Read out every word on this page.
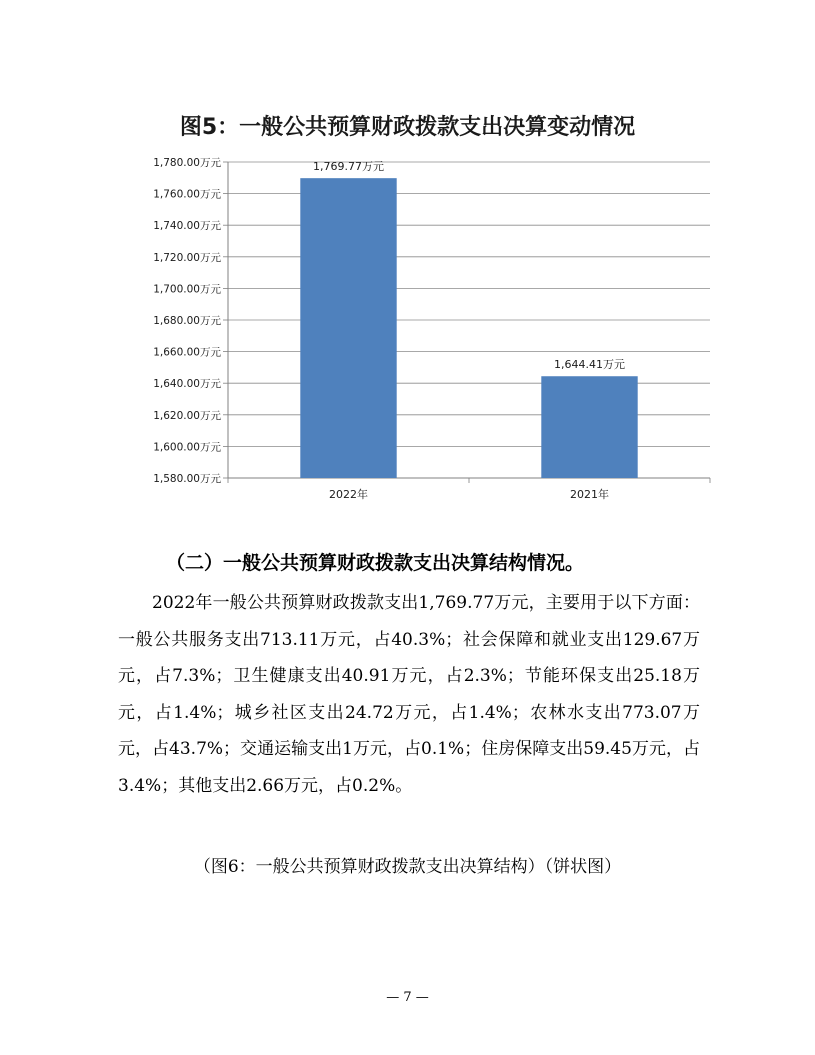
图5：一般公共预算财政拨款支出决算变动情况
1,580.00万元
1,600.00万元
1,620.00万元
1,640.00万元
1,660.00万元
1,680.00万元
1,700.00万元
1,720.00万元
1,740.00万元
1,760.00万元
1,780.00万元	1,769.77万元
2022年
1,644.41万元
2021年
（二）一般公共预算财政拨款支出决算结构情况。

2022年一般公共预算财政拨款支出1,769.77万元，主要用于以下方面：一般公共服务支出713.11万元，占40.3%；社会保障和就业支出129.67万元，占7.3%；卫生健康支出40.91万元，占2.3%；节能环保支出25.18万元，占1.4%；城乡社区支出24.72万元，占1.4%；农林水支出773.07万元，占43.7%；交通运输支出1万元，占0.1%；住房保障支出59.45万元，占3.4%；其他支出2.66万元，占0.2%。

（图6：一般公共预算财政拨款支出决算结构）（饼状图）
— 7 —
